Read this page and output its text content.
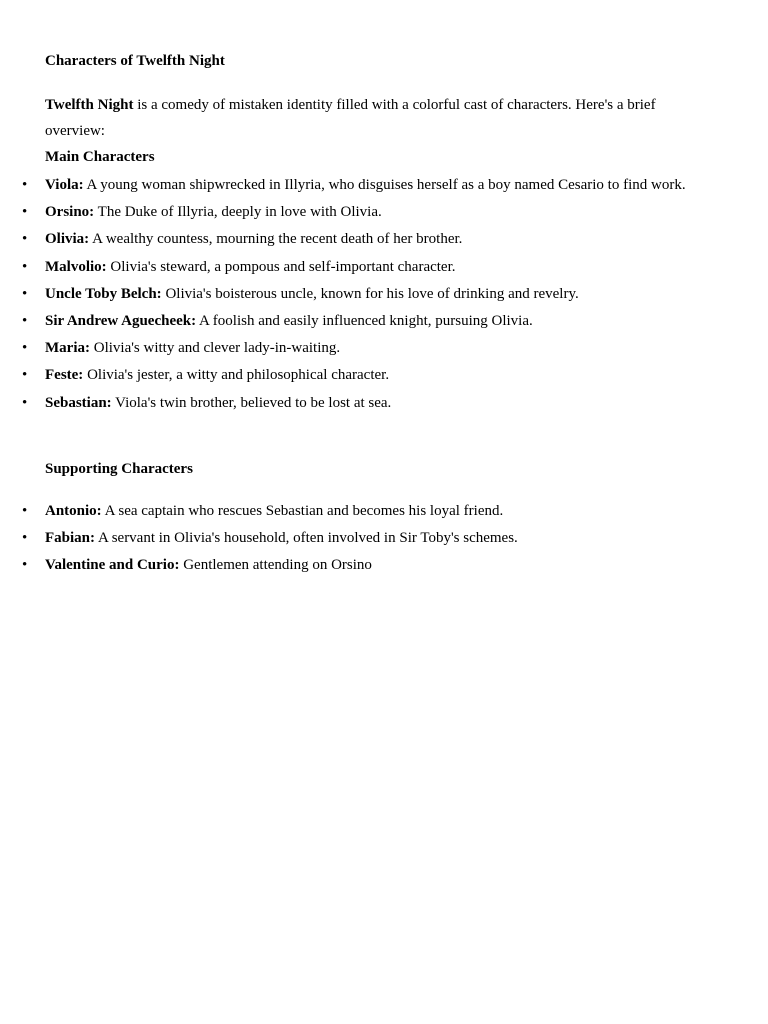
Characters of Twelfth Night

Twelfth Night is a comedy of mistaken identity filled with a colorful cast of characters. Here's a brief overview:

Main Characters
• Viola: A young woman shipwrecked in Illyria, who disguises herself as a boy named Cesario to find work.
• Orsino: The Duke of Illyria, deeply in love with Olivia.
• Olivia: A wealthy countess, mourning the recent death of her brother.
• Malvolio: Olivia's steward, a pompous and self-important character.
• Uncle Toby Belch: Olivia's boisterous uncle, known for his love of drinking and revelry.
• Sir Andrew Aguecheek: A foolish and easily influenced knight, pursuing Olivia.
• Maria: Olivia's witty and clever lady-in-waiting.
• Feste: Olivia's jester, a witty and philosophical character.
• Sebastian: Viola's twin brother, believed to be lost at sea.
Supporting Characters
• Antonio: A sea captain who rescues Sebastian and becomes his loyal friend.
• Fabian: A servant in Olivia's household, often involved in Sir Toby's schemes.
• Valentine and Curio: Gentlemen attending on Orsino
